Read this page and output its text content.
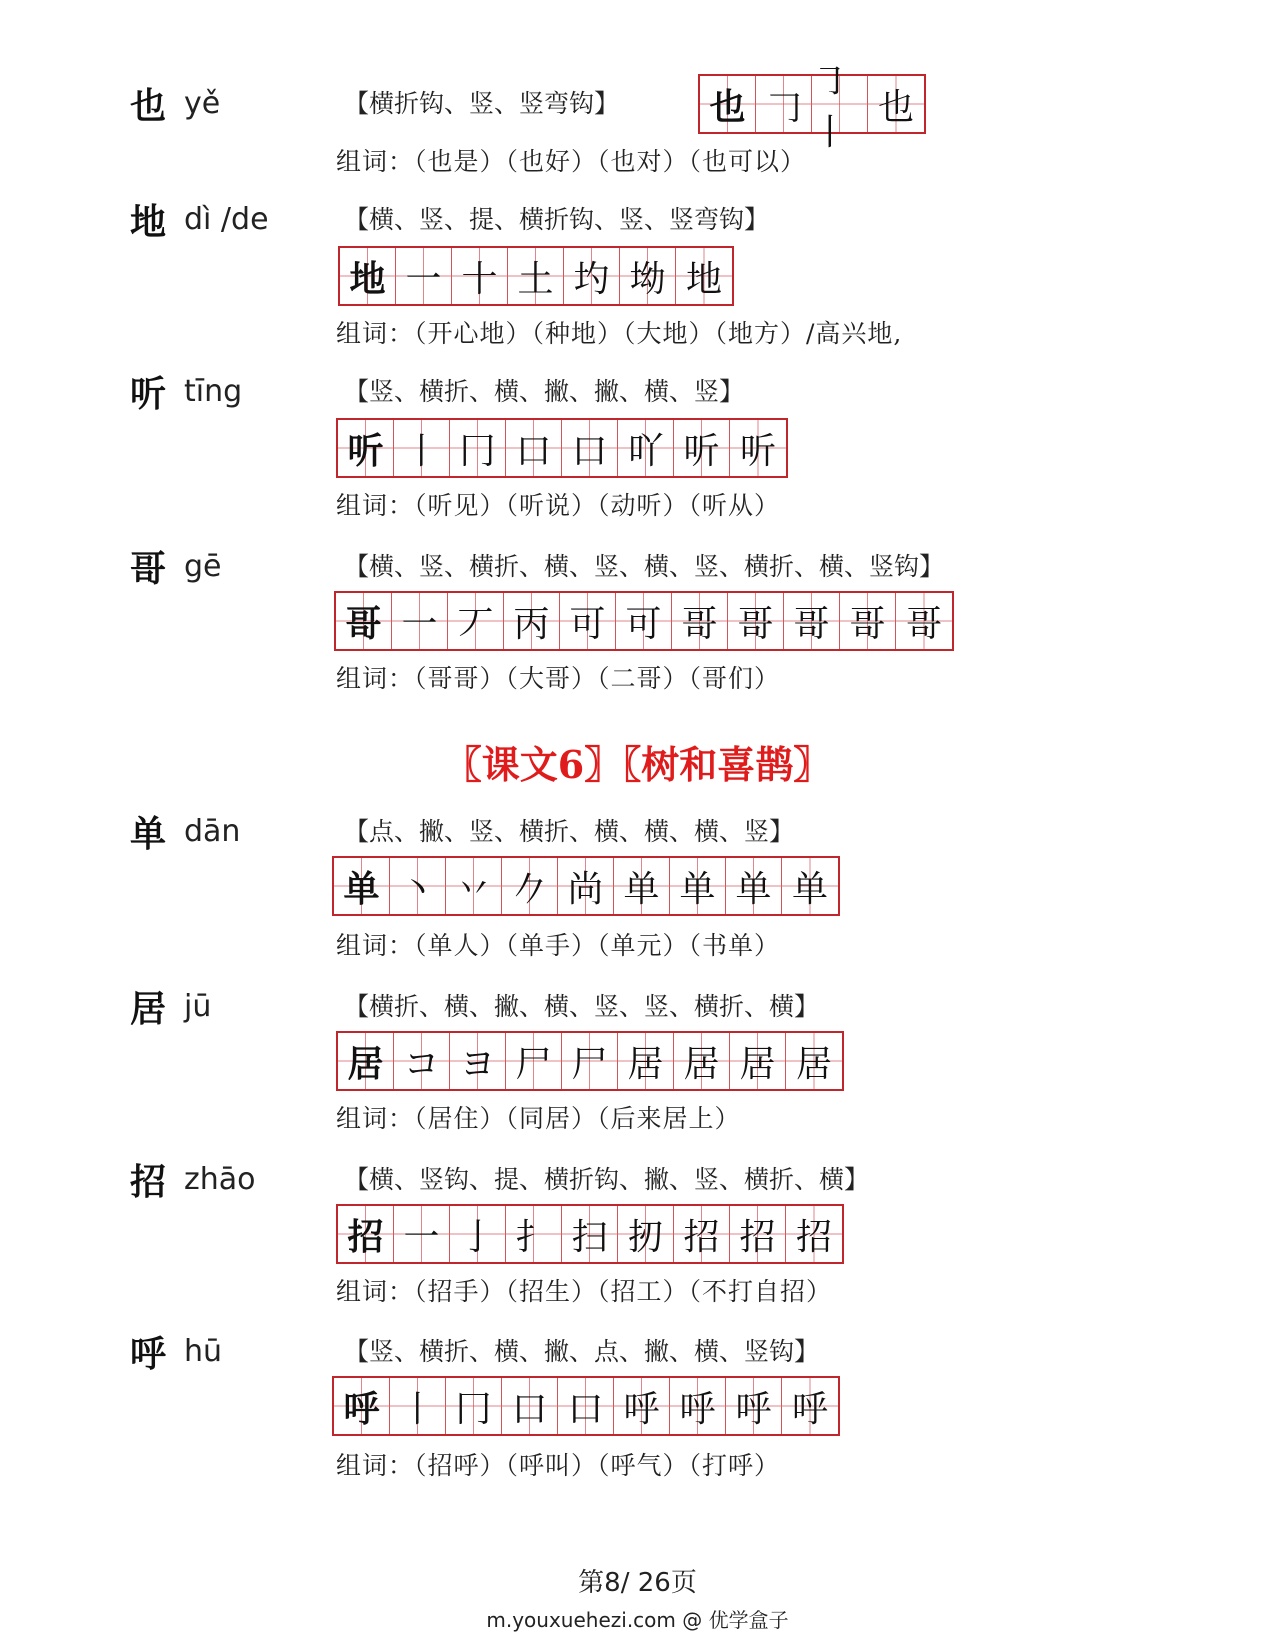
也 yě	【横折钩、竖、竖弯钩】	也 𠃌
㇆丨
也
组词：（也是）（也好）（也对）（也可以）
地 dì /de	【横、竖、提、横折钩、竖、竖弯钩】
地 一 十 土 圴 坳 地
组词：（开心地）（种地）（大地）（地方）/高兴地,
听 tīng	【竖、横折、横、撇、撇、横、竖】
听 丨 冂 口 口 吖 听 听
组词：（听见）（听说）（动听）（听从）
哥 gē	【横、竖、横折、横、竖、横、竖、横折、横、竖钩】
哥 一 丆 丙 可 可 哥 哥 哥 哥 哥
组词：（哥哥）（大哥）（二哥）（哥们）
〖课文6〗〖树和喜鹊〗
单 dān	【点、撇、竖、横折、横、横、横、竖】
单 丶 丷 𠂊 尚 单 单 单 单
组词：（单人）（单手）（单元）（书单）
居 jū	【横折、横、撇、横、竖、竖、横折、横】
居 コ ヨ 尸 尸 居 居 居 居
组词：（居住）（同居）（后来居上）
招 zhāo	【横、竖钩、提、横折钩、撇、竖、横折、横】
招 一 亅 扌 扫 扨 招 招 招
组词：（招手）（招生）（招工）（不打自招）
呼 hū	【竖、横折、横、撇、点、撇、横、竖钩】
呼 丨 冂 口 口 呼 呼 呼 呼
组词：（招呼）（呼叫）（呼气）（打呼）
第8/ 26页
m.youxuehezi.com @ 优学盒子
